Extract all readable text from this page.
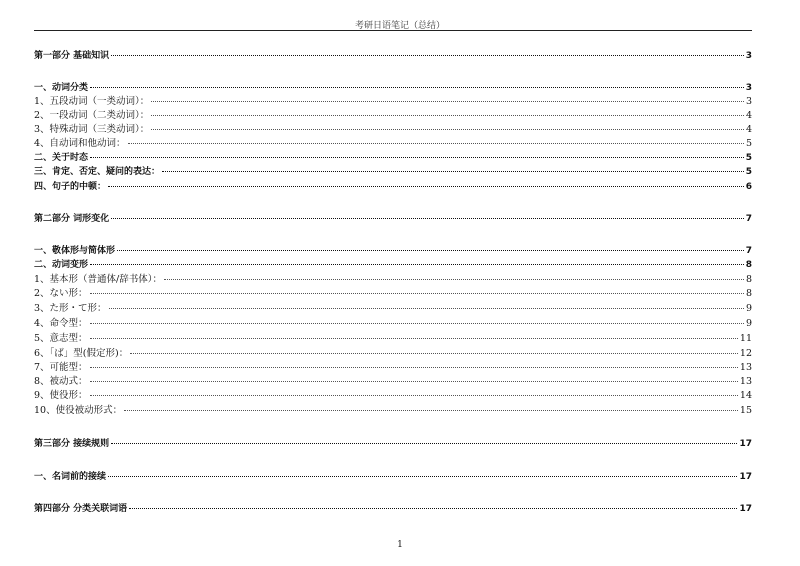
考研日语笔记（总结）
第一部分 基础知识	3
一、动词分类	3
1、五段动词（一类动词）：	3
2、一段动词（二类动词）：	4
3、特殊动词（三类动词）：	4
4、自动词和他动词：	5
二、关于时态	5
三、肯定、否定、疑问的表达：	5
四、句子的中顿：	6
第二部分 词形变化	7
一、敬体形与简体形	7
二、动词变形	8
1、基本形（普通体/辞书体）：	8
2、ない形：	8
3、た形・て形：	9
4、命令型：	9
5、意志型：	11
6、「ば」型(假定形)：	12
7、可能型：	13
8、被动式：	13
9、使役形：	14
10、使役被动形式：	15
第三部分 接续规则	17
一、名词前的接续	17
第四部分 分类关联词语	17
1
